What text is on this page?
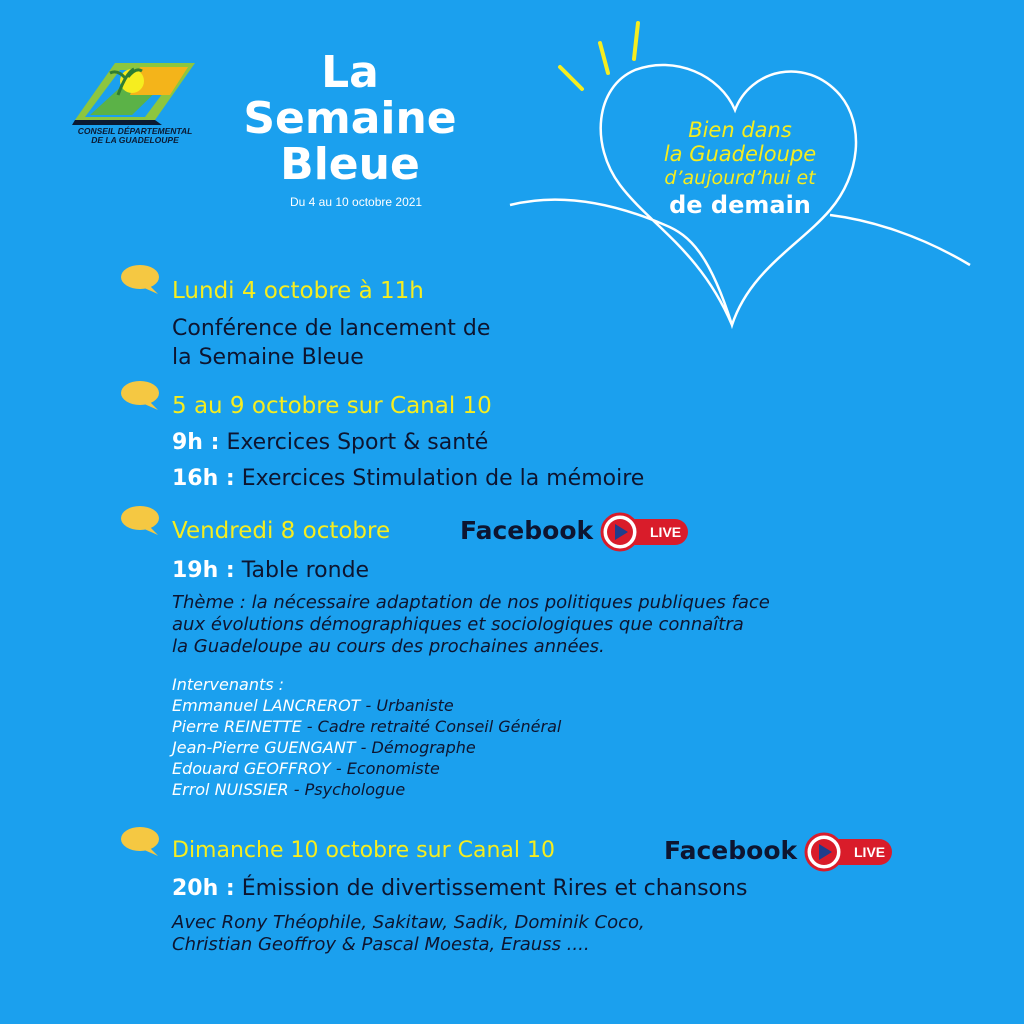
CONSEIL DÉPARTEMENTAL
DE LA GUADELOUPE
La
Semaine
Bleue
Du 4 au 10 octobre 2021
Bien dans
la Guadeloupe
d’aujourd’hui et
de demain
Lundi 4 octobre à 11h
Conférence de lancement de
la Semaine Bleue
5 au 9 octobre sur Canal 10
9h : Exercices Sport & santé
16h : Exercices Stimulation de la mémoire
Vendredi 8 octobre	Facebook	LIVE
19h : Table ronde
Thème : la nécessaire adaptation de nos politiques publiques face
aux évolutions démographiques et sociologiques que connaîtra
la Guadeloupe au cours des prochaines années.
Intervenants :
Emmanuel LANCREROT - Urbaniste
Pierre REINETTE - Cadre retraité Conseil Général
Jean-Pierre GUENGANT - Démographe
Edouard GEOFFROY - Economiste
Errol NUISSIER - Psychologue
Dimanche 10 octobre sur Canal 10	Facebook	LIVE
20h : Émission de divertissement Rires et chansons
Avec Rony Théophile, Sakitaw, Sadik, Dominik Coco,
Christian Geoffroy & Pascal Moesta, Erauss ....
